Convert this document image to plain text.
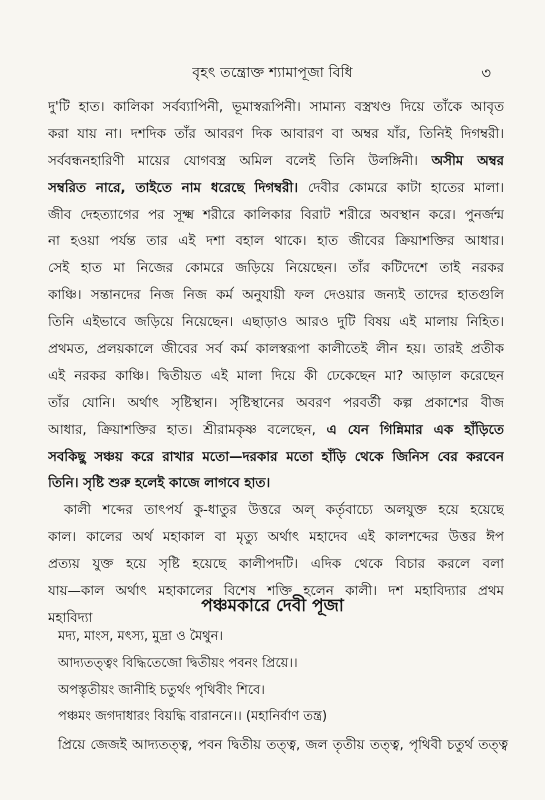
বৃহৎ তন্ত্রোক্ত শ্যামাপূজা বিধি	৩
দু'টি হাত। কালিকা সর্বব্যাপিনী, ভূমাস্বরূপিনী। সামান্য বস্ত্রখণ্ড দিয়ে তাঁকে আবৃত
করা যায় না। দশদিক তাঁর আবরণ দিক আবারণ বা অম্বর যাঁর, তিনিই দিগম্বরী।
সর্ববন্ধনহারিণী মায়ের যোগবস্ত্র অমিল বলেই তিনি উলঙ্গিনী। অসীম অম্বর
সম্বরিত নারে, তাইতে নাম ধরেছে দিগম্বরী। দেবীর কোমরে কাটা হাতের মালা।
জীব দেহত্যাগের পর সূক্ষ্ম শরীরে কালিকার বিরাট শরীরে অবস্থান করে। পুনর্জন্ম
না হওয়া পর্যন্ত তার এই দশা বহাল থাকে। হাত জীবের ক্রিয়াশক্তির আধার।
সেই হাত মা নিজের কোমরে জড়িয়ে নিয়েছেন। তাঁর কটিদেশে তাই নরকর
কাঞ্চি। সন্তানদের নিজ নিজ কর্ম অনুযায়ী ফল দেওয়ার জন্যই তাদের হাতগুলি
তিনি এইভাবে জড়িয়ে নিয়েছেন। এছাড়াও আরও দুটি বিষয় এই মালায় নিহিত।
প্রথমত, প্রলয়কালে জীবের সর্ব কর্ম কালস্বরূপা কালীতেই লীন হয়। তারই প্রতীক
এই নরকর কাঞ্চি। দ্বিতীয়ত এই মালা দিয়ে কী ঢেকেছেন মা? আড়াল করেছেন
তাঁর যোনি। অর্থাৎ সৃষ্টিস্থান। সৃষ্টিস্থানের অবরণ পরবর্তী কল্প প্রকাশের বীজ
আধার, ক্রিয়াশক্তির হাত। শ্রীরামকৃষ্ণ বলেছেন, এ যেন গিন্নিমার এক হাঁড়িতে
সবকিছু সঞ্চয় করে রাখার মতো—দরকার মতো হাঁড়ি থেকে জিনিস বের করবেন
তিনি। সৃষ্টি শুরু হলেই কাজে লাগবে হাত।
কালী শব্দের তাৎপর্য কু-ধাতুর উত্তরে অল্ কর্তৃবাচ্যে অলযুক্ত হয়ে হয়েছে
কাল। কালের অর্থ মহাকাল বা মৃত্যু অর্থাৎ মহাদেব এই কালশব্দের উত্তর ঈপ
প্রত্যয় যুক্ত হয়ে সৃষ্টি হয়েছে কালীপদটি। এদিক থেকে বিচার করলে বলা
যায়—কাল অর্থাৎ মহাকালের বিশেষ শক্তি হলেন কালী। দশ মহাবিদ্যার প্রথম
মহাবিদ্যা
পঞ্চমকারে দেবী পূজা
মদ্য, মাংস, মৎস্য, মুদ্রা ও মৈথুন।
আদ্যতত্ত্বং বিদ্ধিতেজো দ্বিতীয়ং পবনং প্রিয়ে।।
অপস্তৃতীয়ং জানীহি চতুর্থং পৃথিবীং শিবে।
পঞ্চমং জগদাধারং বিয়দ্ধি বারাননে।। (মহানির্বাণ তন্ত্র)
প্রিয়ে জেজই আদ্যতত্ত্ব, পবন দ্বিতীয় তত্ত্ব, জল তৃতীয় তত্ত্ব, পৃথিবী চতুর্থ তত্ত্ব
